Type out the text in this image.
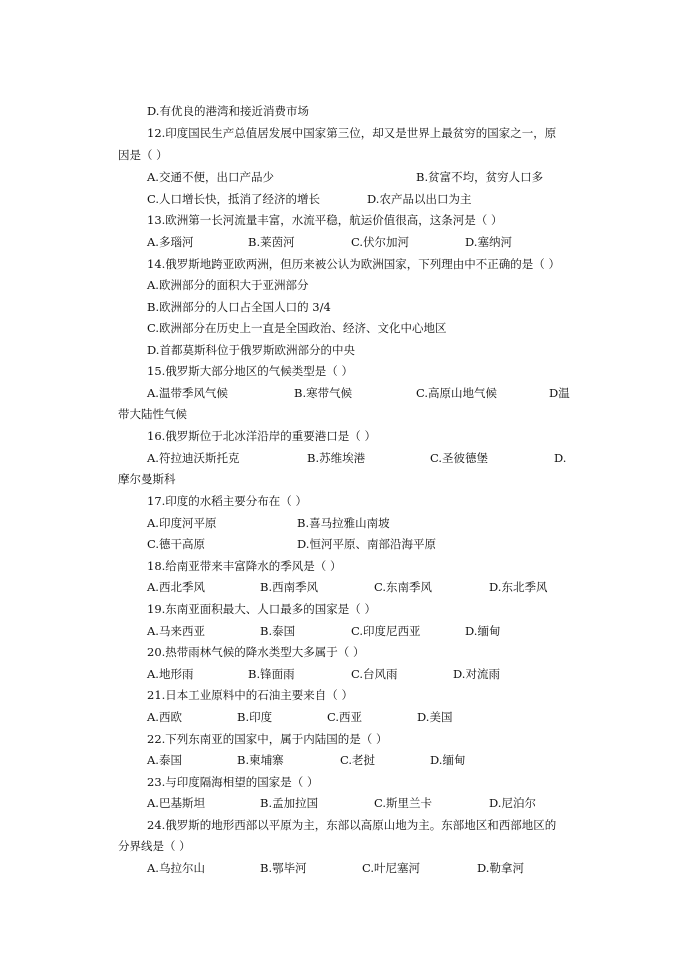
D.有优良的港湾和接近消费市场
12.印度国民生产总值居发展中国家第三位，却又是世界上最贫穷的国家之一，原
因是（ ）
A.交通不便，出口产品少	B.贫富不均，贫穷人口多
C.人口增长快，抵消了经济的增长	D.农产品以出口为主
13.欧洲第一长河流量丰富，水流平稳，航运价值很高，这条河是（ ）
A.多瑙河	B.莱茵河	C.伏尔加河	D.塞纳河
14.俄罗斯地跨亚欧两洲，但历来被公认为欧洲国家，下列理由中不正确的是（ ）
A.欧洲部分的面积大于亚洲部分
B.欧洲部分的人口占全国人口的 3/4
C.欧洲部分在历史上一直是全国政治、经济、文化中心地区
D.首都莫斯科位于俄罗斯欧洲部分的中央
15.俄罗斯大部分地区的气候类型是（ ）
A.温带季风气候	B.寒带气候	C.高原山地气候	D温
带大陆性气候
16.俄罗斯位于北冰洋沿岸的重要港口是（ ）
A.符拉迪沃斯托克	B.苏维埃港	C.圣彼德堡	D.
摩尔曼斯科
17.印度的水稻主要分布在（ ）
A.印度河平原	B.喜马拉雅山南坡
C.德干高原	D.恒河平原、南部沿海平原
18.给南亚带来丰富降水的季风是（ ）
A.西北季风	B.西南季风	C.东南季风	D.东北季风
19.东南亚面积最大、人口最多的国家是（ ）
A.马来西亚	B.泰国	C.印度尼西亚	D.缅甸
20.热带雨林气候的降水类型大多属于（ ）
A.地形雨	B.锋面雨	C.台风雨	D.对流雨
21.日本工业原料中的石油主要来自（ ）
A.西欧	B.印度	C.西亚	D.美国
22.下列东南亚的国家中，属于内陆国的是（ ）
A.泰国	B.柬埔寨	C.老挝	D.缅甸
23.与印度隔海相望的国家是（ ）
A.巴基斯坦	B.孟加拉国	C.斯里兰卡	D.尼泊尔
24.俄罗斯的地形西部以平原为主，东部以高原山地为主。东部地区和西部地区的
分界线是（ ）
A.乌拉尔山	B.鄂毕河	C.叶尼塞河	D.勒拿河
